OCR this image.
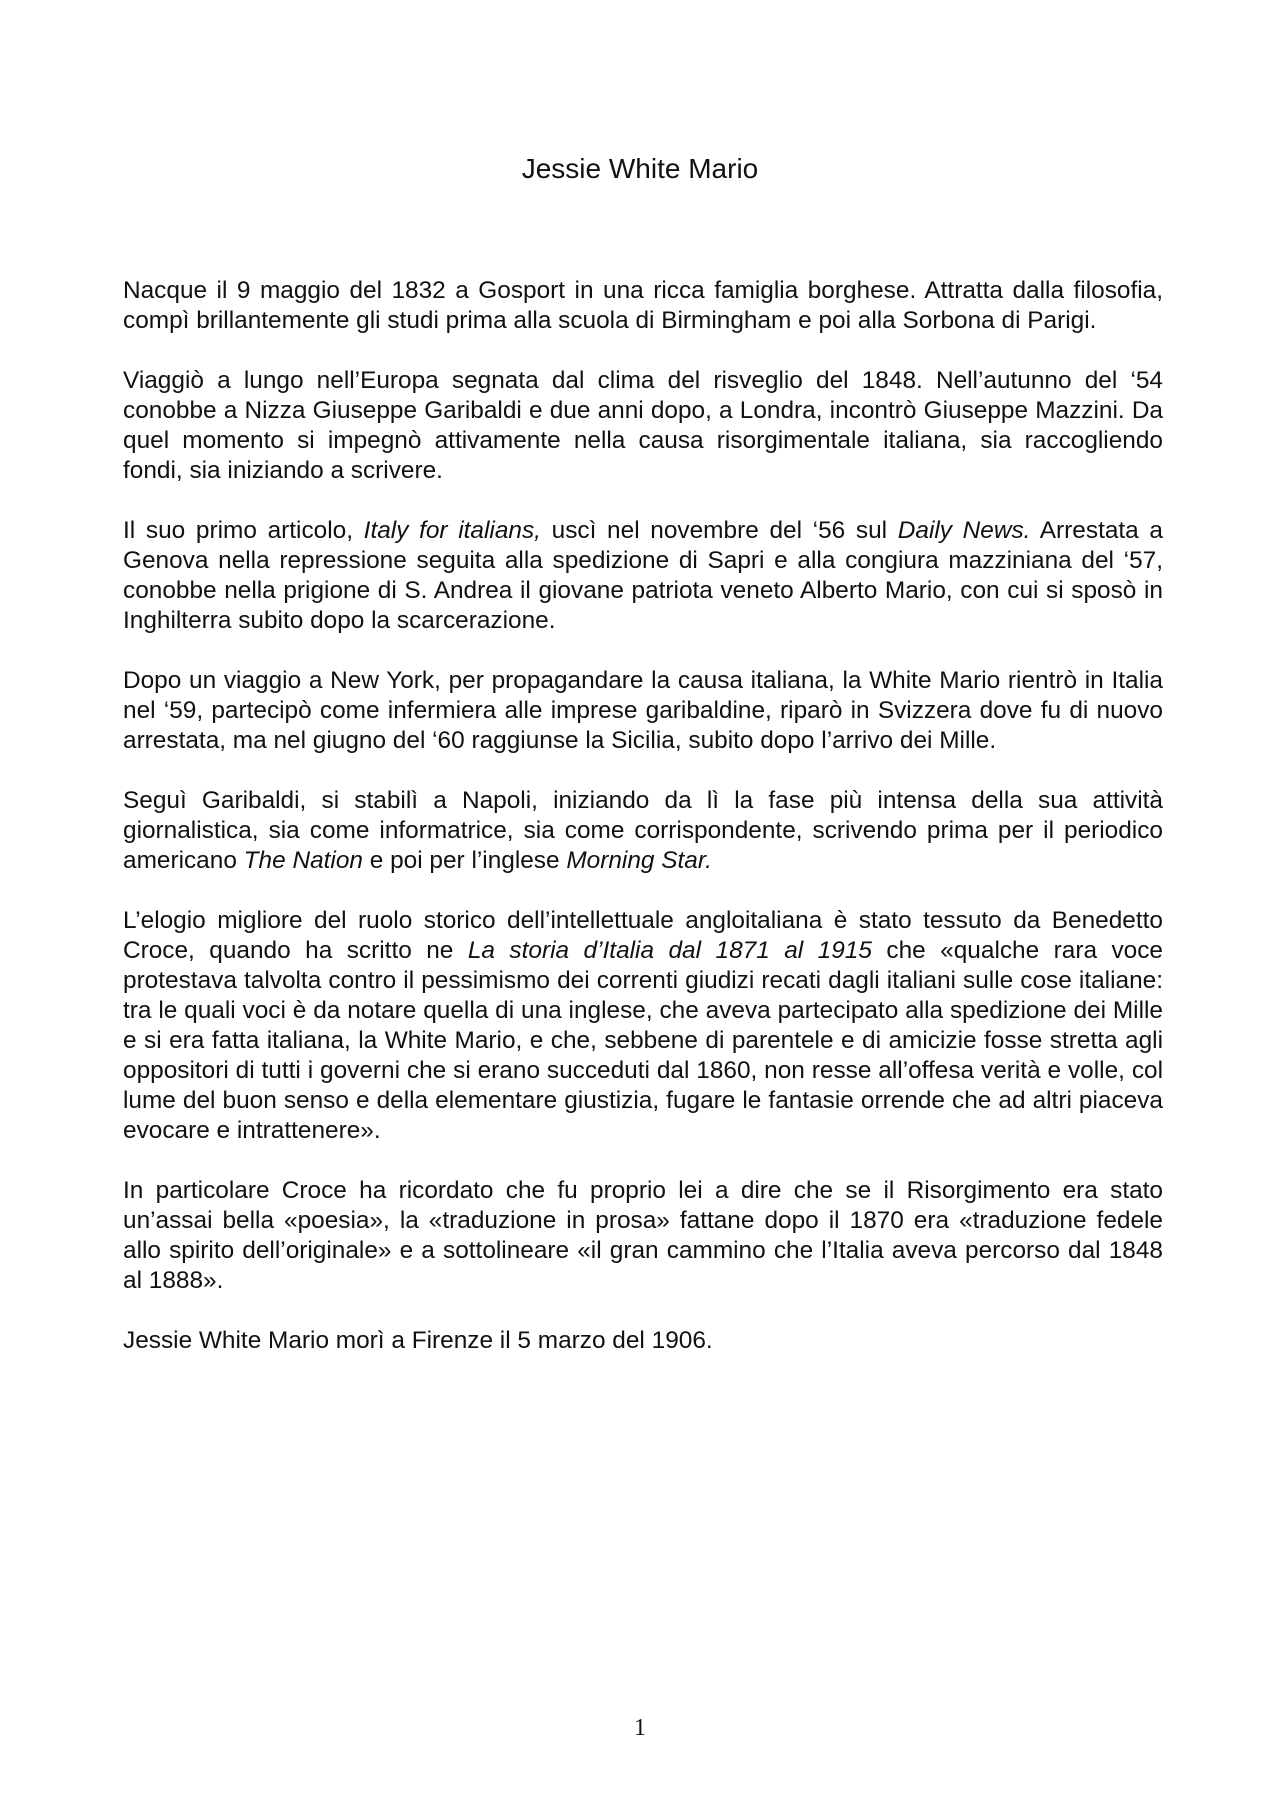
Jessie White Mario

Nacque il 9 maggio del 1832 a Gosport in una ricca famiglia borghese. Attratta dalla filosofia, compì brillantemente gli studi prima alla scuola di Birmingham e poi alla Sorbona di Parigi.

Viaggiò a lungo nell’Europa segnata dal clima del risveglio del 1848. Nell’autunno del ‘54 conobbe a Nizza Giuseppe Garibaldi e due anni dopo, a Londra, incontrò Giuseppe Mazzini. Da quel momento si impegnò attivamente nella causa risorgimentale italiana, sia raccogliendo fondi, sia iniziando a scrivere.

Il suo primo articolo, Italy for italians, uscì nel novembre del ‘56 sul Daily News. Arrestata a Genova nella repressione seguita alla spedizione di Sapri e alla congiura mazziniana del ‘57, conobbe nella prigione di S. Andrea il giovane patriota veneto Alberto Mario, con cui si sposò in Inghilterra subito dopo la scarcerazione.

Dopo un viaggio a New York, per propagandare la causa italiana, la White Mario rientrò in Italia nel ‘59, partecipò come infermiera alle imprese garibaldine, riparò in Svizzera dove fu di nuovo arrestata, ma nel giugno del ‘60 raggiunse la Sicilia, subito dopo l’arrivo dei Mille.

Seguì Garibaldi, si stabilì a Napoli, iniziando da lì la fase più intensa della sua attività giornalistica, sia come informatrice, sia come corrispondente, scrivendo prima per il periodico americano The Nation e poi per l’inglese Morning Star.

L’elogio migliore del ruolo storico dell’intellettuale angloitaliana è stato tessuto da Benedetto Croce, quando ha scritto ne La storia d’Italia dal 1871 al 1915 che «qualche rara voce protestava talvolta contro il pessimismo dei correnti giudizi recati dagli italiani sulle cose italiane: tra le quali voci è da notare quella di una inglese, che aveva partecipato alla spedizione dei Mille e si era fatta italiana, la White Mario, e che, sebbene di parentele e di amicizie fosse stretta agli oppositori di tutti i governi che si erano succeduti dal 1860, non resse all’offesa verità e volle, col lume del buon senso e della elementare giustizia, fugare le fantasie orrende che ad altri piaceva evocare e intrattenere».

In particolare Croce ha ricordato che fu proprio lei a dire che se il Risorgimento era stato un’assai bella «poesia», la «traduzione in prosa» fattane dopo il 1870 era «traduzione fedele allo spirito dell’originale» e a sottolineare «il gran cammino che l’Italia aveva percorso dal 1848 al 1888».

Jessie White Mario morì a Firenze il 5 marzo del 1906.

1
